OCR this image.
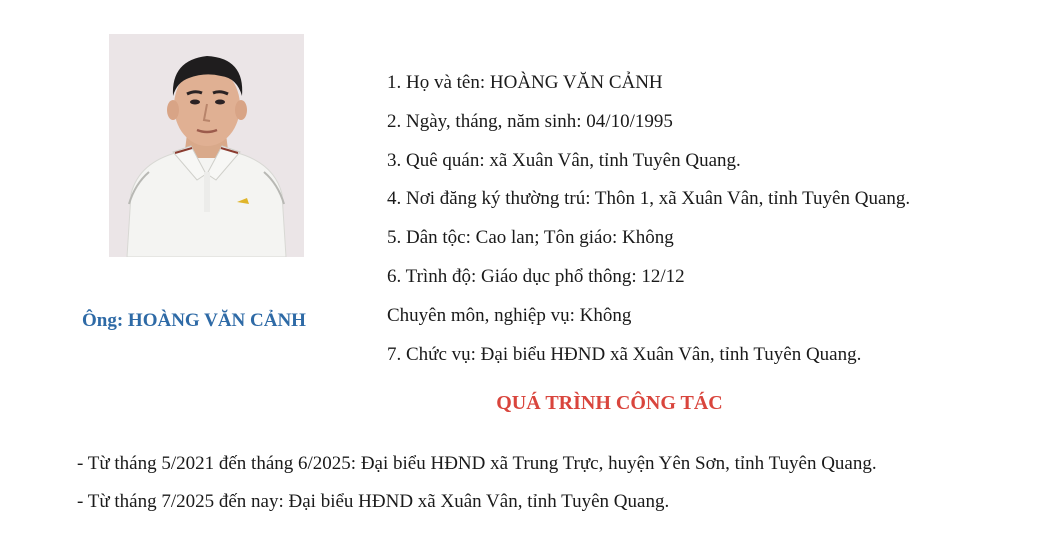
Ông: HOÀNG VĂN CẢNH
1. Họ và tên: HOÀNG VĂN CẢNH
2. Ngày, tháng, năm sinh: 04/10/1995
3. Quê quán: xã Xuân Vân, tỉnh Tuyên Quang.
4. Nơi đăng ký thường trú: Thôn 1, xã Xuân Vân, tỉnh Tuyên Quang.
5. Dân tộc: Cao lan; Tôn giáo: Không
6. Trình độ: Giáo dục phổ thông: 12/12
Chuyên môn, nghiệp vụ: Không
7. Chức vụ: Đại biểu HĐND xã Xuân Vân, tỉnh Tuyên Quang.
QUÁ TRÌNH CÔNG TÁC
- Từ tháng 5/2021 đến tháng 6/2025: Đại biểu HĐND xã Trung Trực, huyện Yên Sơn, tỉnh Tuyên Quang.
- Từ tháng 7/2025 đến nay: Đại biểu HĐND xã Xuân Vân, tỉnh Tuyên Quang.
